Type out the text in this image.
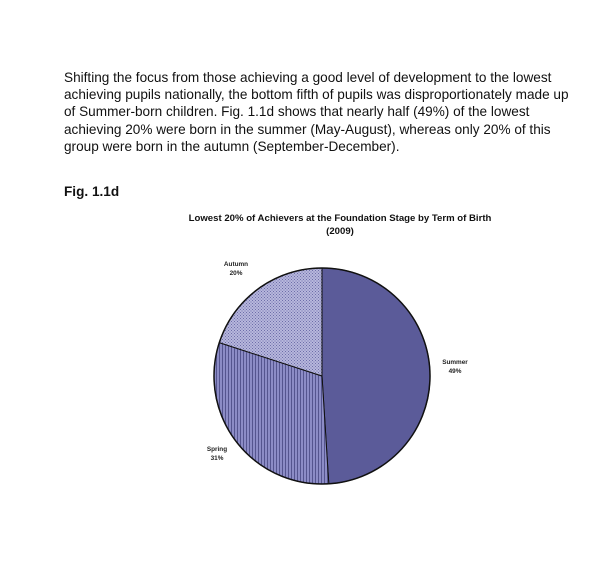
Shifting the focus from those achieving a good level of development to the lowest achieving pupils nationally, the bottom fifth of pupils was disproportionately made up of Summer-born children. Fig. 1.1d shows that nearly half (49%) of the lowest achieving 20% were born in the summer (May-August), whereas only 20% of this group were born in the autumn (September-December).

Fig. 1.1d

Lowest 20% of Achievers at the Foundation Stage by Term of Birth
(2009)
Summer
49%
Spring
31%
Autumn
20%
